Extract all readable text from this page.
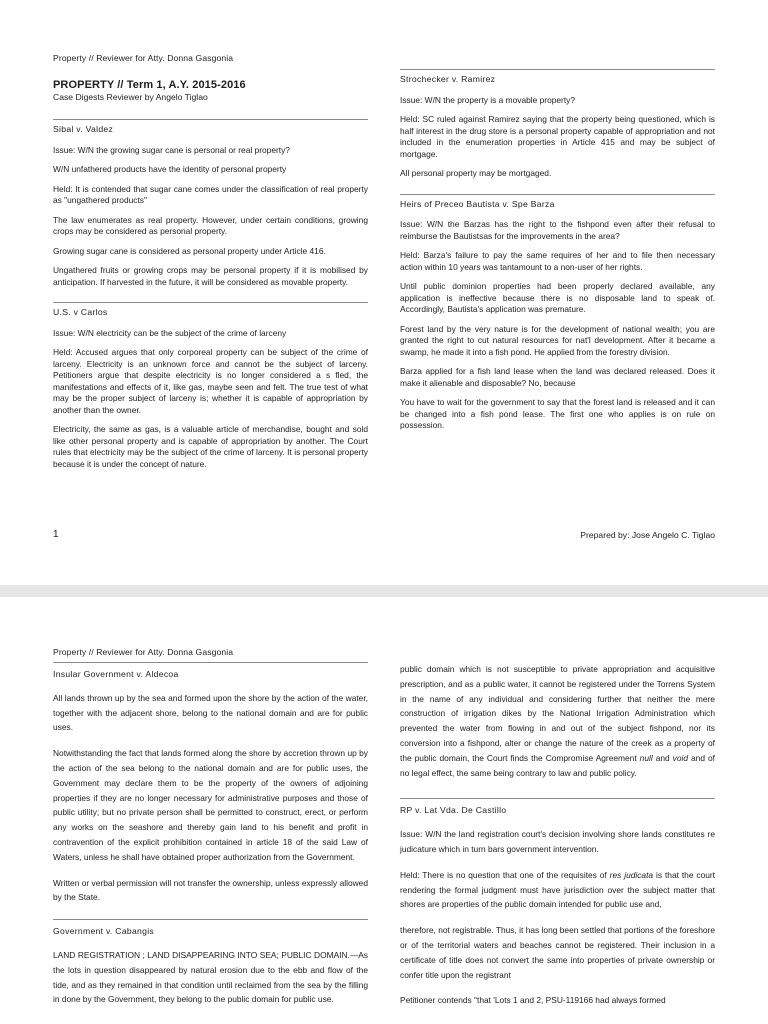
Property // Reviewer for Atty. Donna Gasgonia
PROPERTY // Term 1, A.Y. 2015-2016
Case Digests Reviewer by Angelo Tiglao
Sibal v. Valdez

Issue: W/N the growing sugar cane is personal or real property?

W/N unfathered products have the identity of personal property

Held: It is contended that sugar cane comes under the classification of real property as "ungathered products"

The law enumerates as real property. However, under certain conditions, growing crops may be considered as personal property.

Growing sugar cane is considered as personal property under Article 416.

Ungathered fruits or growing crops may be personal property if it is mobilised by anticipation. If harvested in the future, it will be considered as movable property.

U.S. v Carlos

Issue: W/N electricity can be the subject of the crime of larceny

Held: Accused argues that only corporeal property can be subject of the crime of larceny. Electricity is an unknown force and cannot be the subject of larceny. Petitioners argue that despite electricity is no longer considered a s fled, the manifestations and effects of it, like gas, maybe seen and felt. The true test of what may be the proper subject of larceny is; whether it is capable of appropriation by another than the owner.

Electricity, the same as gas, is a valuable article of merchandise, bought and sold like other personal property and is capable of appropriation by another. The Court rules that electricity may be the subject of the crime of larceny. It is personal property because it is under the concept of nature.

Strochecker v. Ramirez

Issue: W/N the property is a movable property?

Held: SC ruled against Ramirez saying that the property being questioned, which is half interest in the drug store is a personal property capable of appropriation and not included in the enumeration properties in Article 415 and may be subject of mortgage.

All personal property may be mortgaged.

Heirs of Preceo Bautista v. Spe Barza

Issue: W/N the Barzas has the right to the fishpond even after their refusal to reimburse the Bautistsas for the improvements in the area?

Held: Barza's failure to pay the same requires of her and to file then necessary action within 10 years was tantamount to a non-user of her rights.

Until public dominion properties had been properly declared available, any application is ineffective because there is no disposable land to speak of. Accordingly, Bautista's application was premature.

Forest land by the very nature is for the development of national wealth; you are granted the right to cut natural resources for nat'l development. After it became a swamp, he made it into a fish pond. He applied from the forestry division.

Barza applied for a fish land lease when the land was declared released. Does it make it alienable and disposable? No, because

You have to wait for the government to say that the forest land is released and it can be changed into a fish pond lease. The first one who applies is on rule on possession.

1	Prepared by: Jose Angelo C. Tiglao
Property // Reviewer for Atty. Donna Gasgonia
Insular Government v. Aldecoa

All lands thrown up by the sea and formed upon the shore by the action of the water, together with the adjacent shore, belong to the national domain and are for public uses.

Notwithstanding the fact that lands formed along the shore by accretion thrown up by the action of the sea belong to the national domain and are for public uses, the Government may declare them to be the property of the owners of adjoining properties if they are no longer necessary for administrative purposes and those of public utility; but no private person shall be permitted to construct, erect, or perform any works on the seashore and thereby gain land to his benefit and profit in contravention of the explicit prohibition contained in article 18 of the said Law of Waters, unless he shall have obtained proper authorization from the Government.

Written or verbal permission will not transfer the ownership, unless expressly allowed by the State.

Government v. Cabangis

LAND REGISTRATION ; LAND DISAPPEARING INTO SEA; PUBLIC DOMAIN.—As the lots in question disappeared by natural erosion due to the ebb and flow of the tide, and as they remained in that condition until reclaimed from the sea by the filling in done by the Government, they belong to the public domain for public use.

public domain which is not susceptible to private appropriation and acquisitive prescription, and as a public water, it cannot be registered under the Torrens System in the name of any individual and considering further that neither the mere construction of irrigation dikes by the National Irrigation Administration which prevented the water from flowing in and out of the subject fishpond, nor its conversion into a fishpond, alter or change the nature of the creek as a property of the public domain, the Court finds the Compromise Agreement null and void and of no legal effect, the same being contrary to law and public policy.

RP v. Lat Vda. De Castillo

Issue: W/N the land registration court's decision involving shore lands constitutes re judicature which in turn bars government intervention.

Held: There is no question that one of the requisites of res judicata is that the court rendering the formal judgment must have jurisdiction over the subject matter that shores are properties of the public domain intended for public use and,

therefore, not registrable. Thus, it has long been settled that portions of the foreshore or of the territorial waters and beaches cannot be registered. Their inclusion in a certificate of title does not convert the same into properties of private ownership or confer title upon the registrant

Petitioner contends "that 'Lots 1 and 2, PSU-119166 had always formed
